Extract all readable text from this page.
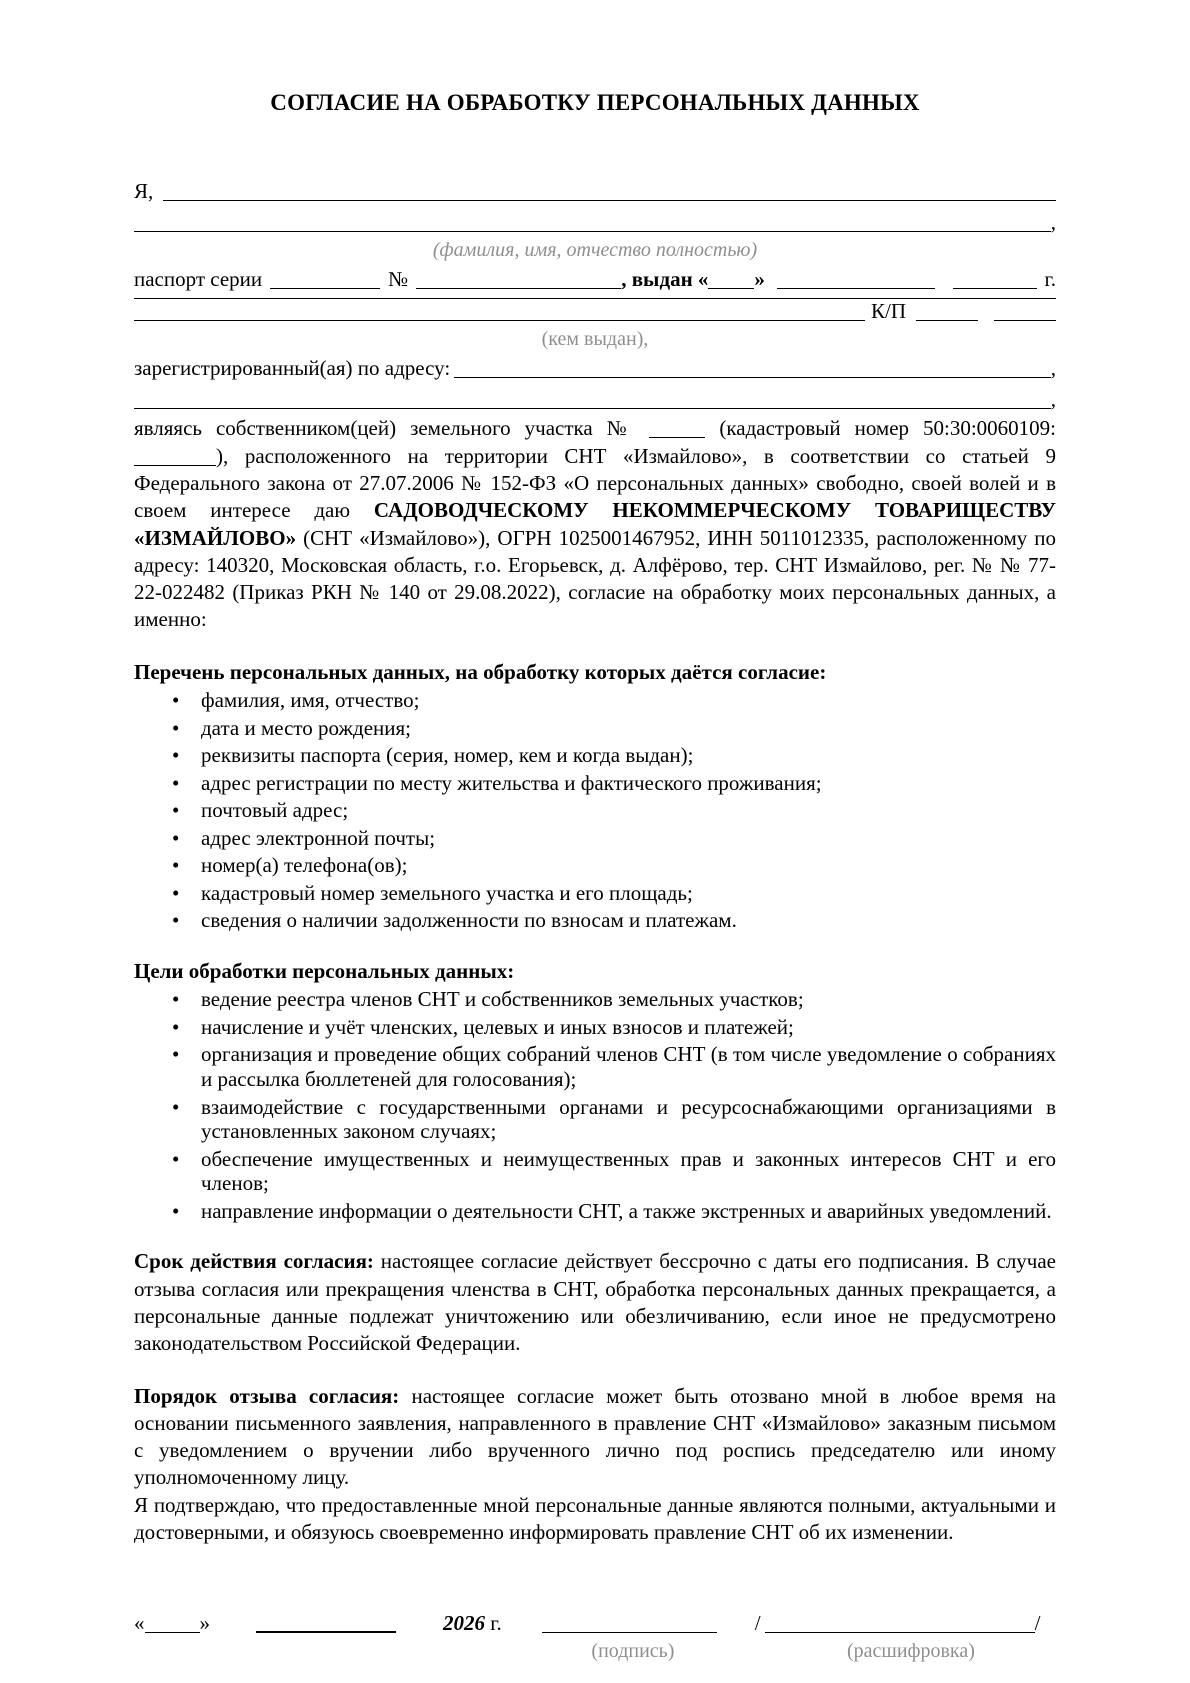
СОГЛАСИЕ НА ОБРАБОТКУ ПЕРСОНАЛЬНЫХ ДАННЫХ
Я,
,
(фамилия, имя, отчество полностью)
паспорт серии	№	, выдан « »	г.
К/П
(кем выдан),
зарегистрированный(ая) по адресу:	,
,

являясь собственником(цей) земельного участка №	(кадастровый номер 50:30:0060109:), расположенного на территории СНТ «Измайлово», в соответствии со статьей 9 Федерального закона от 27.07.2006 № 152-ФЗ «О персональных данных» свободно, своей волей и в своем интересе даю САДОВОДЧЕСКОМУ НЕКОММЕРЧЕСКОМУ ТОВАРИЩЕСТВУ «ИЗМАЙЛОВО» (СНТ «Измайлово»), ОГРН 1025001467952, ИНН 5011012335, расположенному по адресу: 140320, Московская область, г.о. Егорьевск, д. Алфёрово, тер. СНТ Измайлово, рег. № № 77-22-022482 (Приказ РКН № 140 от 29.08.2022), согласие на обработку моих персональных данных, а именно:

Перечень персональных данных, на обработку которых даётся согласие:
• фамилия, имя, отчество;
• дата и место рождения;
• реквизиты паспорта (серия, номер, кем и когда выдан);
• адрес регистрации по месту жительства и фактического проживания;
• почтовый адрес;
• адрес электронной почты;
• номер(а) телефона(ов);
• кадастровый номер земельного участка и его площадь;
• сведения о наличии задолженности по взносам и платежам.
Цели обработки персональных данных:
• ведение реестра членов СНТ и собственников земельных участков;
• начисление и учёт членских, целевых и иных взносов и платежей;
• организация и проведение общих собраний членов СНТ (в том числе уведомление о собраниях и рассылка бюллетеней для голосования);
• взаимодействие с государственными органами и ресурсоснабжающими организациями в установленных законом случаях;
• обеспечение имущественных и неимущественных прав и законных интересов СНТ и его членов;
• направление информации о деятельности СНТ, а также экстренных и аварийных уведомлений.

Срок действия согласия: настоящее согласие действует бессрочно с даты его подписания. В случае отзыва согласия или прекращения членства в СНТ, обработка персональных данных прекращается, а персональные данные подлежат уничтожению или обезличиванию, если иное не предусмотрено законодательством Российской Федерации.

Порядок отзыва согласия: настоящее согласие может быть отозвано мной в любое время на основании письменного заявления, направленного в правление СНТ «Измайлово» заказным письмом с уведомлением о вручении либо врученного лично под роспись председателю или иному уполномоченному лицу.

Я подтверждаю, что предоставленные мной персональные данные являются полными, актуальными и достоверными, и обязуюсь своевременно информировать правление СНТ об их изменении.

«	»	2026 г.	/	/
(подпись)	(расшифровка)
